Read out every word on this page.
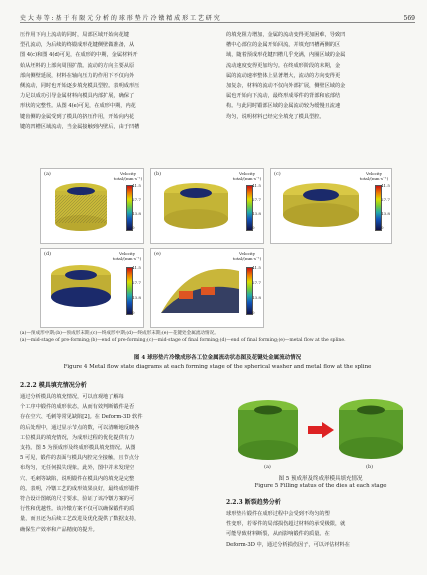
史 大 寿 等 : 基 于 有 限 元 分 析 的 球 形 垫 片 冷 镦 精 成 形 工 艺 研 究	569
压作用下向上流动的同时，局部区域开始向花键
型孔流动，为后续的终锻成形花键侧壁做准备，从
图 4(c)和图 4(d)可见，在成形的中期，金属材料开
始从坯料的上部向周围扩散。流动的方向主要从原
部向侧壁延展，材料在轴向压力的作用下不仅向外
侧流动，同时也开始逐步填充模具型腔。表明成形压
力足以成功引导金属材料向模具内部扩展，确保了
形状的完整性。从图 4(e)可见，在成形中期，内花
键齿侧的金属受到了模具的挤压作用，开始向内花
键的凹槽区域流动，当金属接触到内壁后，由于凹槽
的填充阻力增加，金属的流动变得更加困难，导致凹
槽中心部位的金属开始回流，并填充凹槽两侧的区
域，随着预成形花键凹槽几乎充满，内圈区域的金属
流动速度变得更加均匀。在终成形阶段的末期，金
属的流动速率整体上显著增大，流动的方向变得更
加复杂，材料的流动不仅向外部扩展，侧壁区域的金
属也开始向下流动，最终形成零件的背部和底部结
构。与此同时锻部区域的金属流动较为缓慢且流速
均匀，说明材料已经完全填充了模具型腔。
(a)	Velocity
total/(mm·s⁻¹)
41.5
27.7
13.8
0
(b)	Velocity
total/(mm·s⁻¹)
41.5
27.7
13.8
0
(c)	Velocity
total/(mm·s⁻¹)
41.5
27.7
13.8
0
(d)	Velocity
total/(mm·s⁻¹)
41.5
27.7
13.8
0
(e)	Velocity
total/(mm·s⁻¹)
41.5
27.7
13.8
0
(a)—预成形中期;(b)—预成形末期;(c)—终成形中期;(d)—终成形末期;(e)—花键处金属流动情况。
(a)—mid-stage of pre-forming;(b)—end of pre-forming;(c)—mid-stage of final forming;(d)—end of final forming;(e)—metal flow at the spline.
图 4 球形垫片冷镦成形各工位金属流动状态图及花键处金属流动情况
Figure 4 Metal flow state diagrams at each forming stage of the spherical washer and metal flow at the spline
2.2.2 模具填充情况分析
通过分析模具的填充情况，可以直观地了解每
个工序中锻件的成形状态，从而有效判断锻件是否
存在空穴、毛刺等常见缺陷[2]。在 Deform-3D 软件
的后处理中，通过显示节点的数，可以清晰地反映各
工位模具的填充情况，为成形过程的优化提供有力
支持。图 5 为预成形及终成形模具填充情况。从图
5 可见，锻件的表面与模具内腔完全接触，且节点分
布均匀，无任何损失现象。此外，图中并未发现空
穴、毛刺等缺陷，说明锻件在模具内的填充是完整
的。表明，冷镦工艺的成形效果良好，最终成形锻件
符合设计图纸的尺寸要求，验证了该冷镦方案的可
行性和优越性。该冷镦方案不仅可以确保锻件的质
量，而且还为后续工艺改进及优化提供了数据支持，
确保生产效率和产品精度的提升。
(a)	(b)
图 5 预成形及终成形模具填充情况
Figure 5 Filling status of the dies at each stage
2.2.3 断裂趋势分析
球形垫片锻件在成形过程中会受到不均匀的塑
性变形，若零件的局部损伤超过材料的承受极限，就
可能导致材料断裂，从而影响锻件的质量。在
Deform-3D 中，通过分析损伤因子，可以评估材料在
